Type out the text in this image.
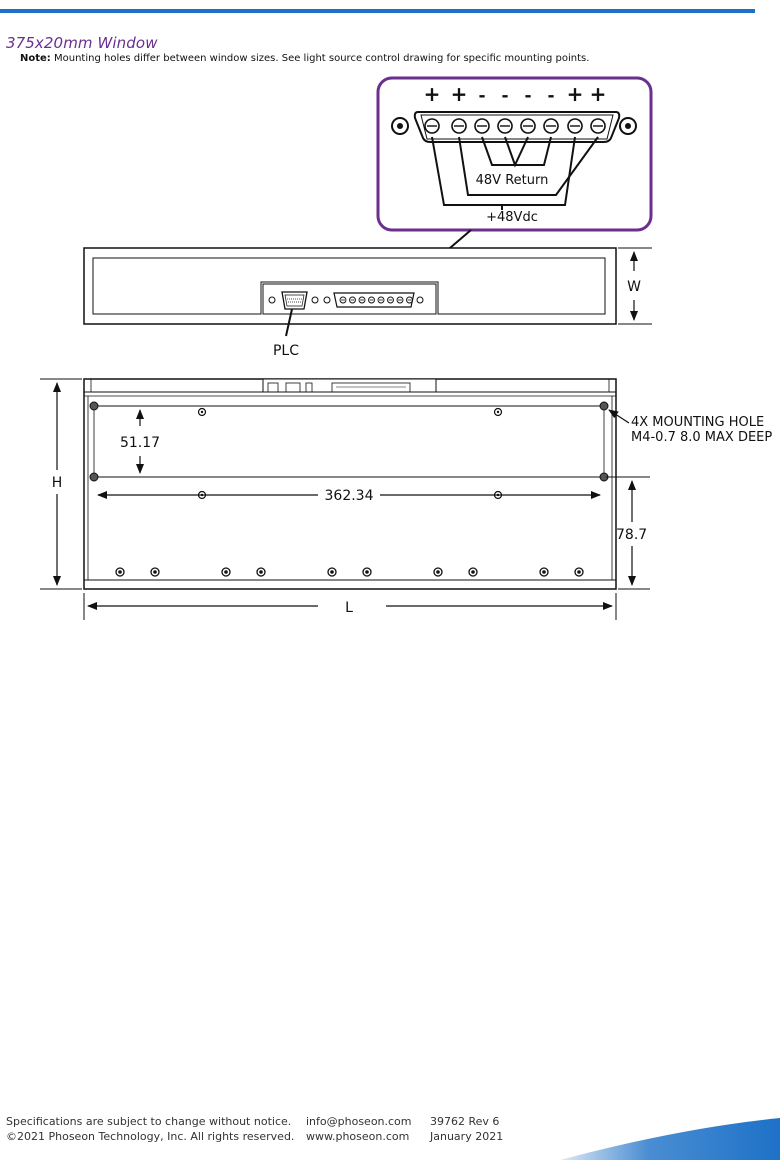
375x20mm Window
Note: Mounting holes differ between window sizes. See light source control drawing for specific mounting points.
+ + - - - - + +
48V Return
+48Vdc
PLC
W
51.17
362.34
H
78.7
L
4X MOUNTING HOLE
M4-0.7 8.0 MAX DEEP
Specifications are subject to change without notice.
©2021 Phoseon Technology, Inc. All rights reserved.
info@phoseon.com
www.phoseon.com
39762 Rev 6
January 2021
